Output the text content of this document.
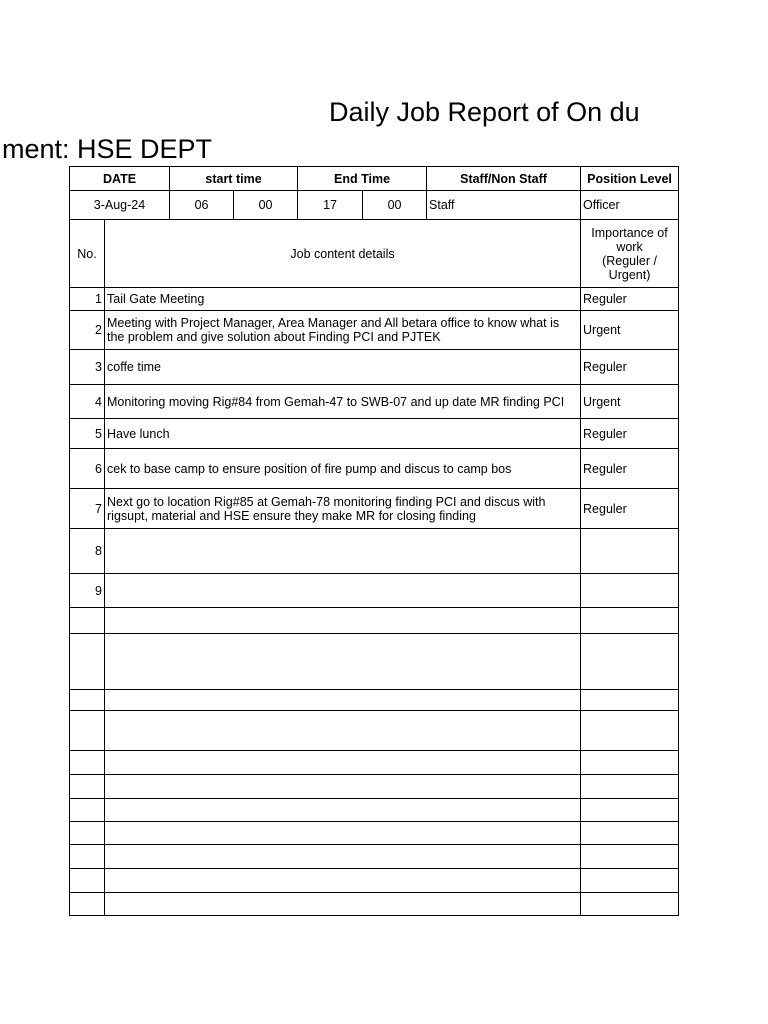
Daily Job Report of On du
ment: HSE DEPT
DATE		start time		End Time		Staff/Non Staff	Position Level
3-Aug-24		06	00	17	00	Staff	Officer
No.	Job content details						Importance of work
(Reguler / Urgent)

1	Tail Gate Meeting						Reguler
2	Meeting with Project Manager, Area Manager and All betara office to know what is the problem and give solution about Finding PCI and PJTEK						Urgent
3	coffe time						Reguler
4	Monitoring moving Rig#84 from Gemah-47 to SWB-07 and up date MR finding PCI						Urgent
5	Have lunch						Reguler
6	cek to base camp to ensure position of fire pump and discus to camp bos						Reguler
7	Next go to location Rig#85 at Gemah-78 monitoring finding PCI and discus with rigsupt, material and HSE ensure they make MR for closing finding						Reguler
8							
9							
